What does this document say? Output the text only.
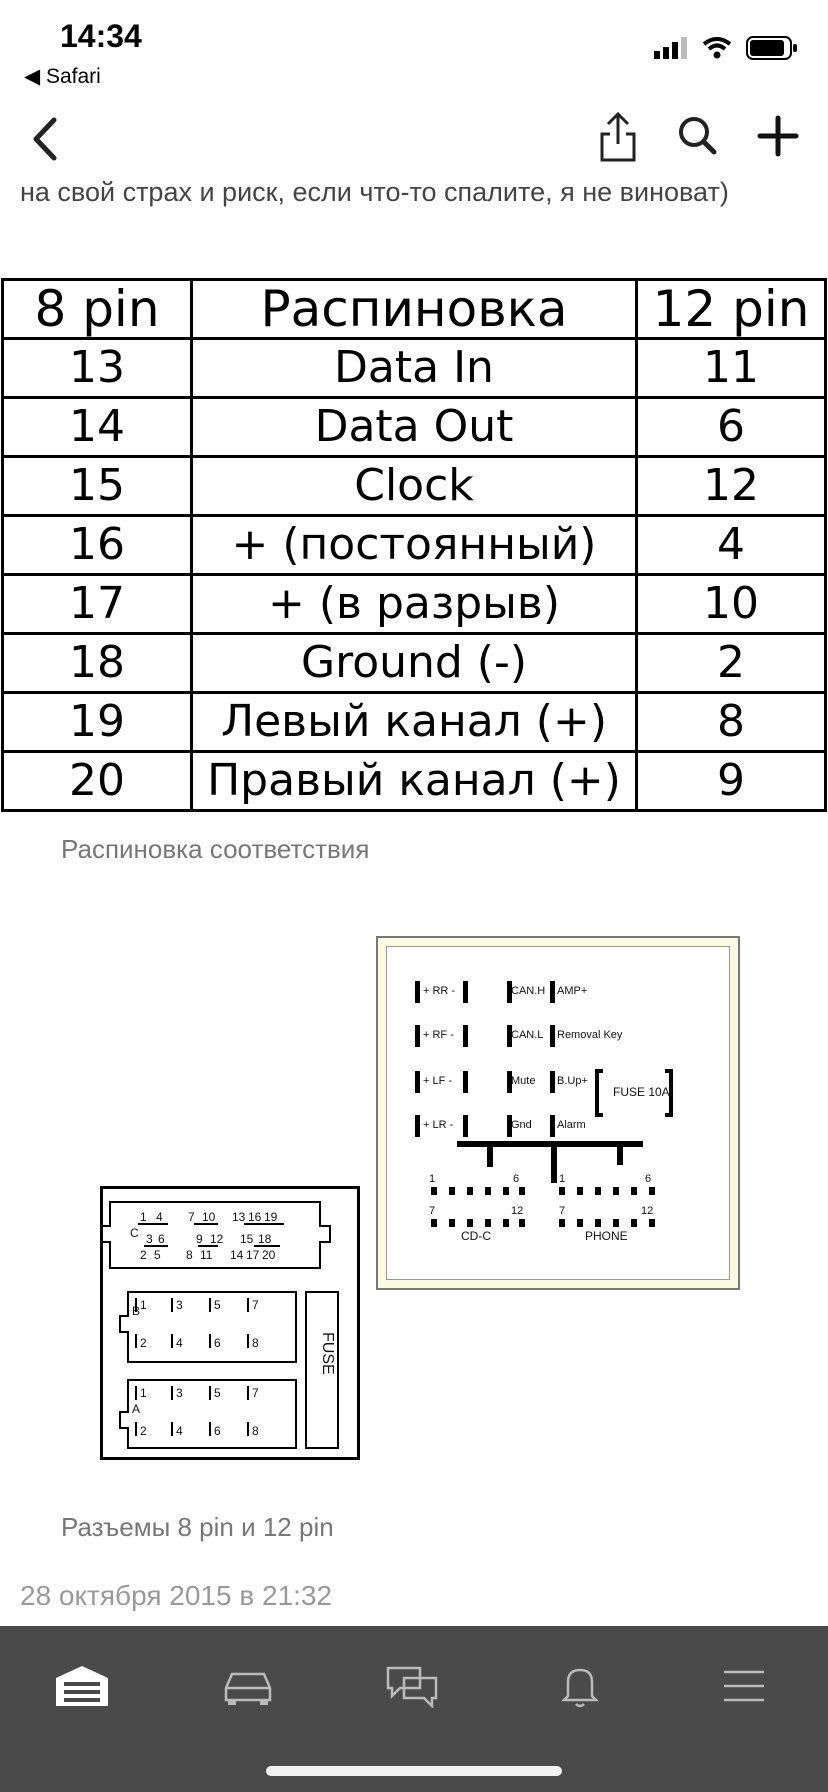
14:34
◀ Safari
на свой страх и риск, если что-то спалите, я не виноват)
8 pin	Распиновка	12 pin
13	Data In	11
14	Data Out	6
15	Clock	12
16	+ (постоянный)	4
17	+ (в разрыв)	10
18	Ground (-)	2
19	Левый канал (+)	8
20	Правый канал (+)	9
Распиновка соответствия
+ RR -
+ RF -
+ LF -
+ LR -
CAN.H
CAN.L
Mute
Gnd
AMP+
Removal Key
B.Up+
Alarm
FUSE 10A
1	6
7	12
CD-C
1	6
7	12
PHONE
C
B
A
FUSE
1 4 7 10 13 16 19
3 6	9 12 15 18
2 5 8 11 14 17 20
1
2
1
2
3
4
3
4
5
6
5
6
7
8
7
8
Разъемы 8 pin и 12 pin
28 октября 2015 в 21:32
